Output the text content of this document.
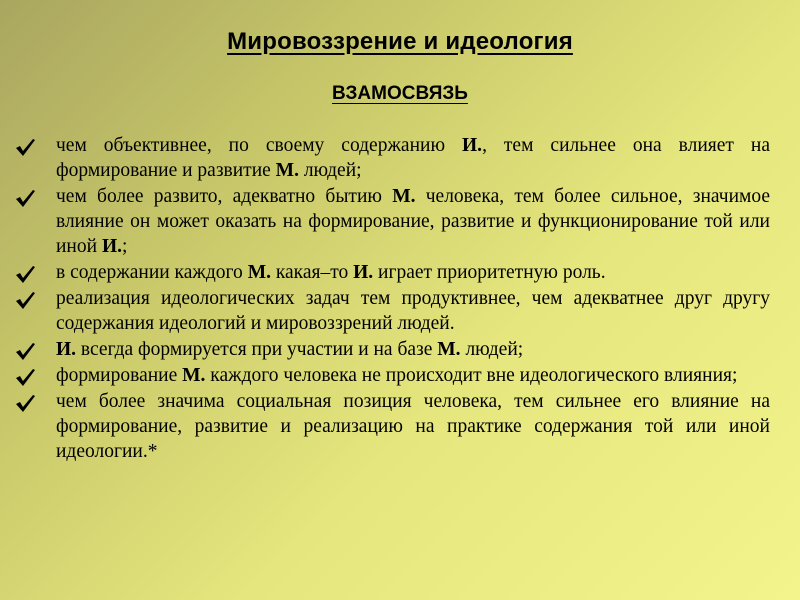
Мировоззрение и идеология
ВЗАМОСВЯЗЬ
чем объективнее, по своему содержанию И., тем сильнее она влияет на формирование и развитие М. людей;
чем более развито, адекватно бытию М. человека, тем более сильное, значимое влияние он может оказать на формирование, развитие и функционирование той или иной И.;
в содержании каждого М. какая–то И. играет приоритетную роль.
реализация идеологических задач тем продуктивнее, чем адекватнее друг другу содержания идеологий и мировоззрений людей.
И. всегда формируется при участии и на базе М. людей;
формирование М. каждого человека не происходит вне идеологического влияния;
чем более значима социальная позиция человека, тем сильнее его влияние на формирование, развитие и реализацию на практике содержания той или иной идеологии.*
